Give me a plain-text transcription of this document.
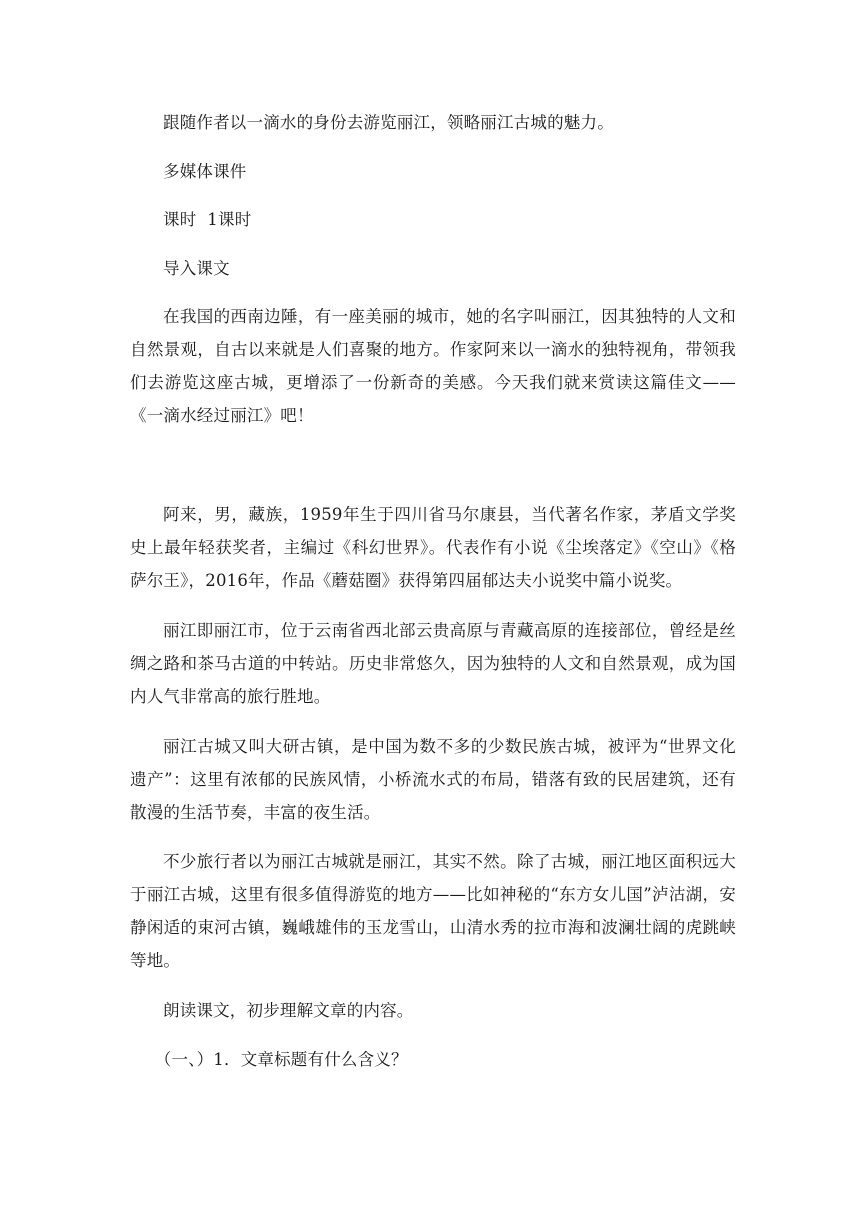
跟随作者以一滴水的身份去游览丽江，领略丽江古城的魅力。

多媒体课件

课时  1课时

导入课文

在我国的西南边陲，有一座美丽的城市，她的名字叫丽江，因其独特的人文和自然景观，自古以来就是人们喜聚的地方。作家阿来以一滴水的独特视角，带领我们去游览这座古城，更增添了一份新奇的美感。今天我们就来赏读这篇佳文——《一滴水经过丽江》吧！

阿来，男，藏族，1959年生于四川省马尔康县，当代著名作家，茅盾文学奖史上最年轻获奖者，主编过《科幻世界》。代表作有小说《尘埃落定》《空山》《格萨尔王》，2016年，作品《蘑菇圈》获得第四届郁达夫小说奖中篇小说奖。

丽江即丽江市，位于云南省西北部云贵高原与青藏高原的连接部位，曾经是丝绸之路和茶马古道的中转站。历史非常悠久，因为独特的人文和自然景观，成为国内人气非常高的旅行胜地。

丽江古城又叫大研古镇，是中国为数不多的少数民族古城，被评为“世界文化遗产”：这里有浓郁的民族风情，小桥流水式的布局，错落有致的民居建筑，还有散漫的生活节奏，丰富的夜生活。

不少旅行者以为丽江古城就是丽江，其实不然。除了古城，丽江地区面积远大于丽江古城，这里有很多值得游览的地方——比如神秘的“东方女儿国”泸沽湖，安静闲适的束河古镇，巍峨雄伟的玉龙雪山，山清水秀的拉市海和波澜壮阔的虎跳峡等地。

朗读课文，初步理解文章的内容。

（一、）1．文章标题有什么含义？
